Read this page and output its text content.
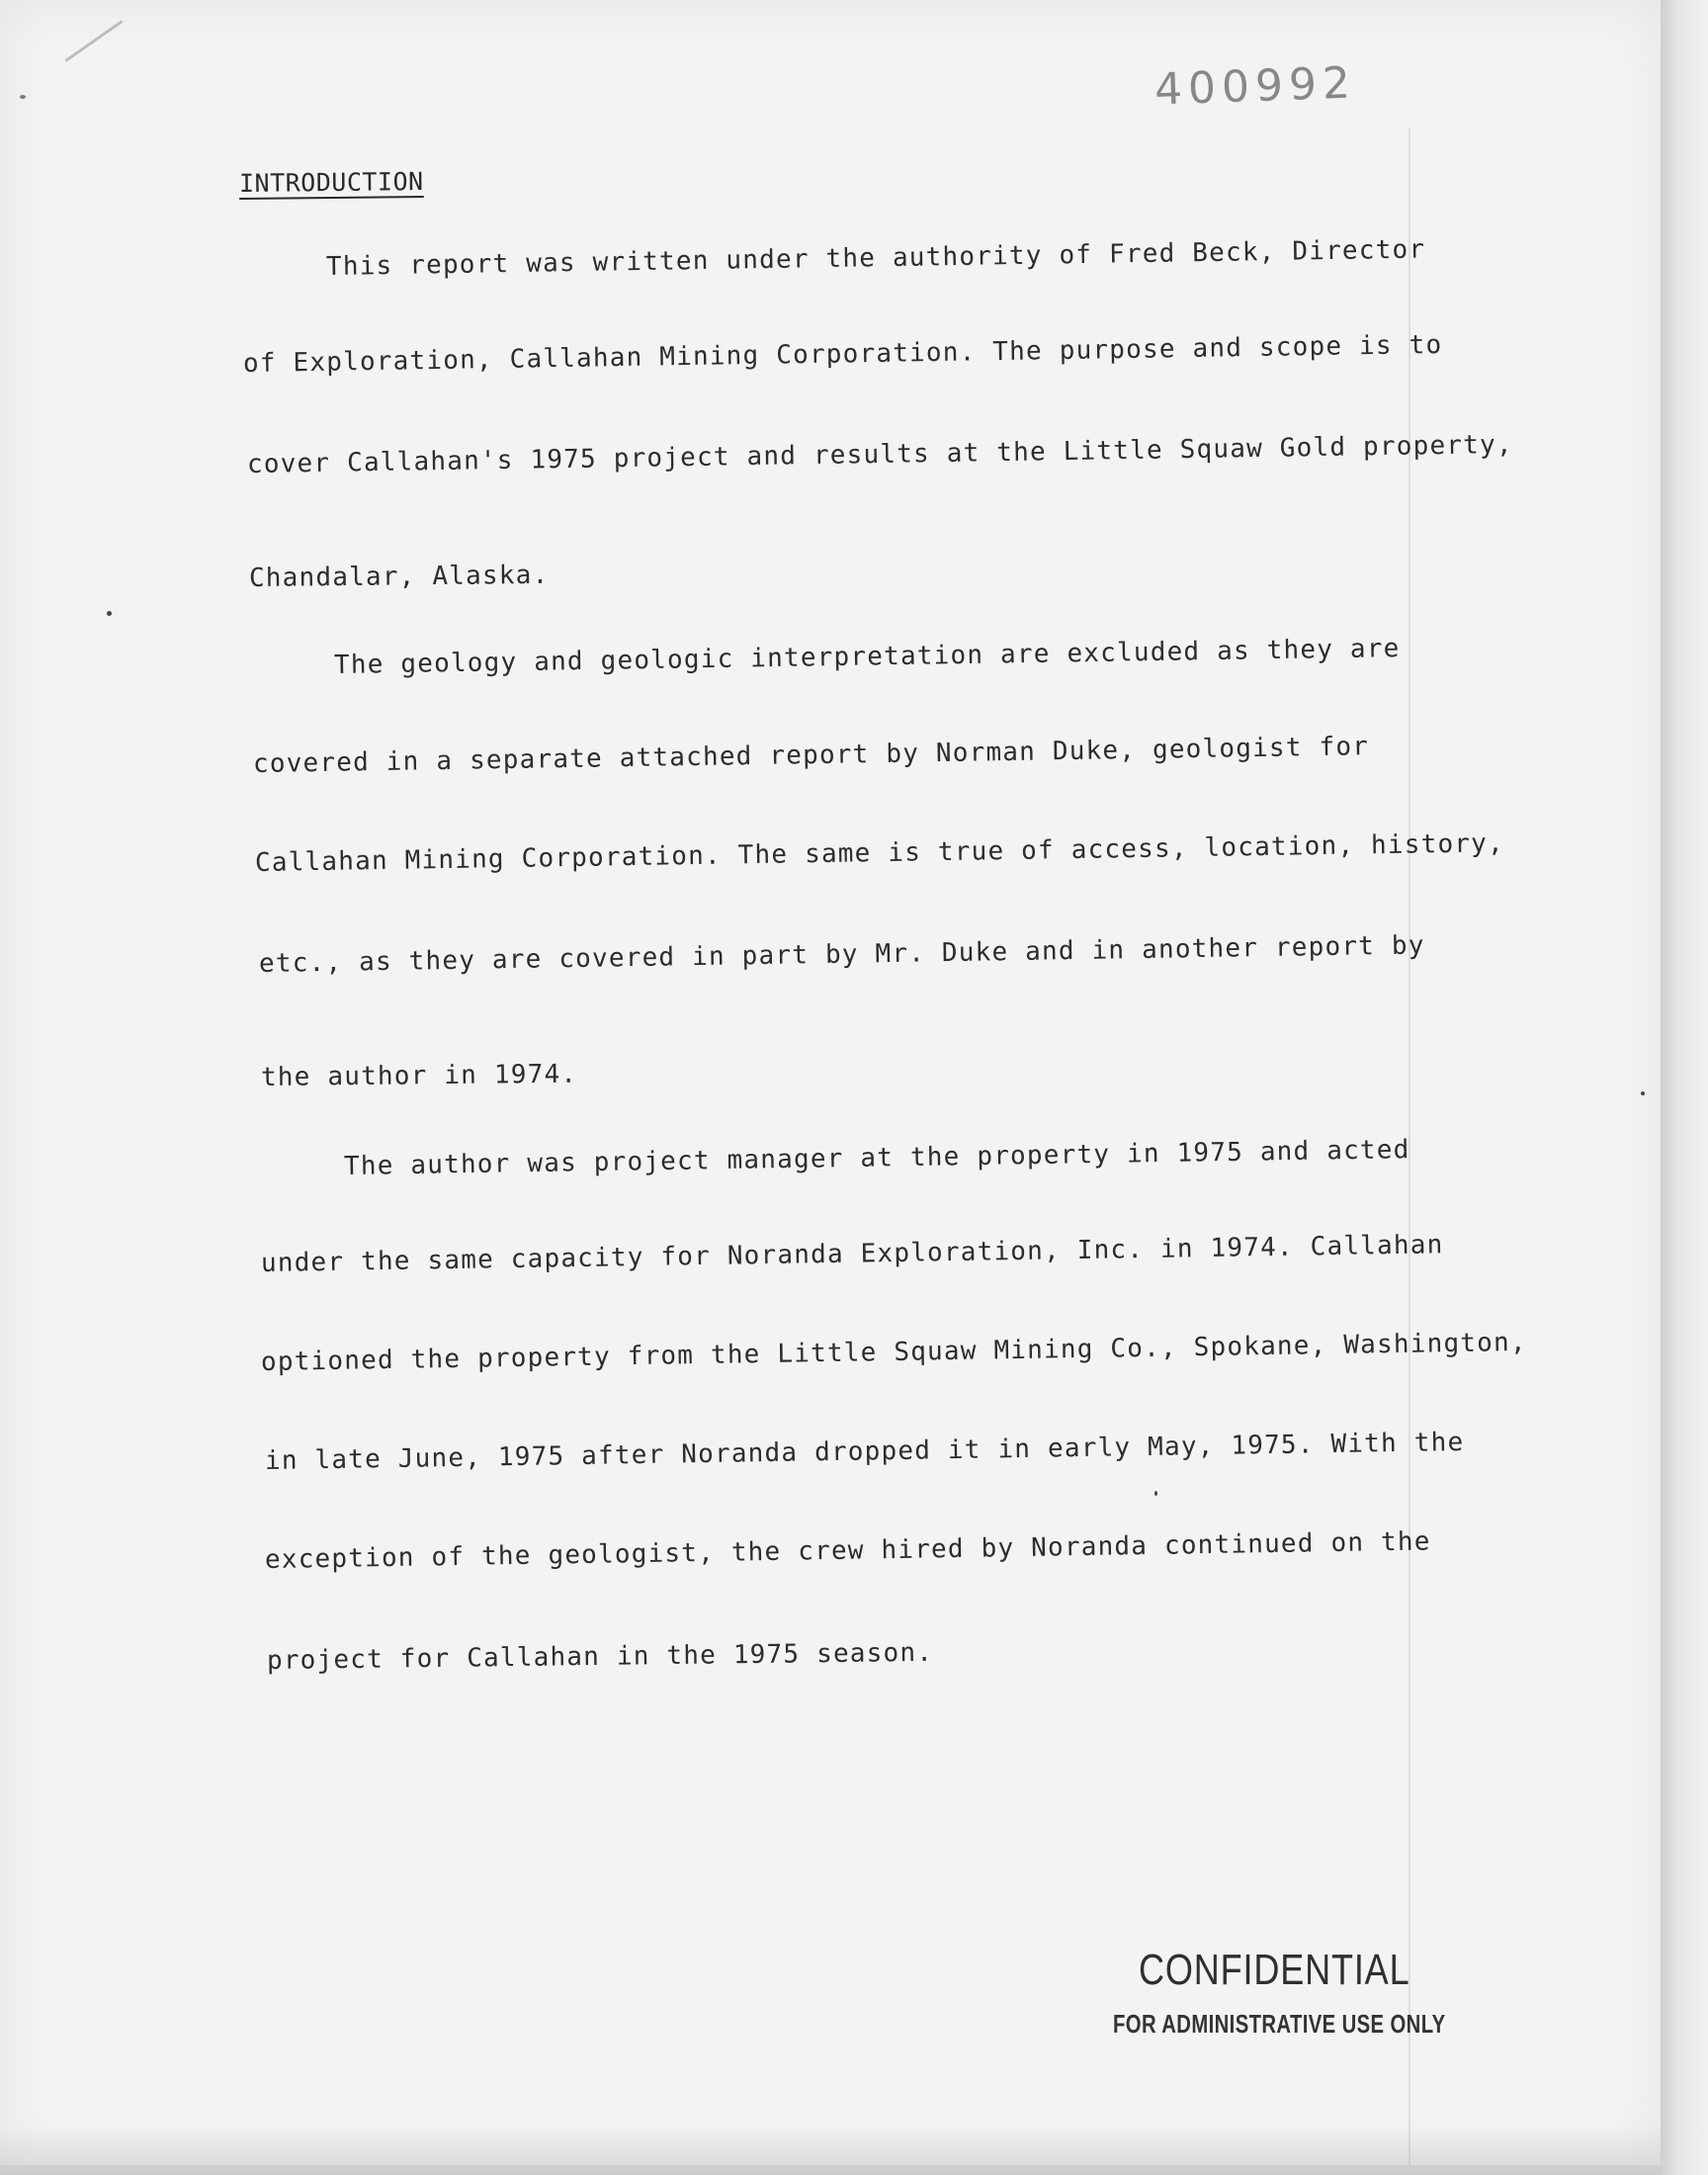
400992
INTRODUCTION
This report was written under the authority of Fred Beck, Director
of Exploration, Callahan Mining Corporation. The purpose and scope is to
cover Callahan's 1975 project and results at the Little Squaw Gold property,
Chandalar, Alaska.
The geology and geologic interpretation are excluded as they are
covered in a separate attached report by Norman Duke, geologist for
Callahan Mining Corporation. The same is true of access, location, history,
etc., as they are covered in part by Mr. Duke and in another report by
the author in 1974.
The author was project manager at the property in 1975 and acted
under the same capacity for Noranda Exploration, Inc. in 1974. Callahan
optioned the property from the Little Squaw Mining Co., Spokane, Washington,
in late June, 1975 after Noranda dropped it in early May, 1975. With the
exception of the geologist, the crew hired by Noranda continued on the
project for Callahan in the 1975 season.
CONFIDENTIAL
FOR ADMINISTRATIVE USE ONLY
